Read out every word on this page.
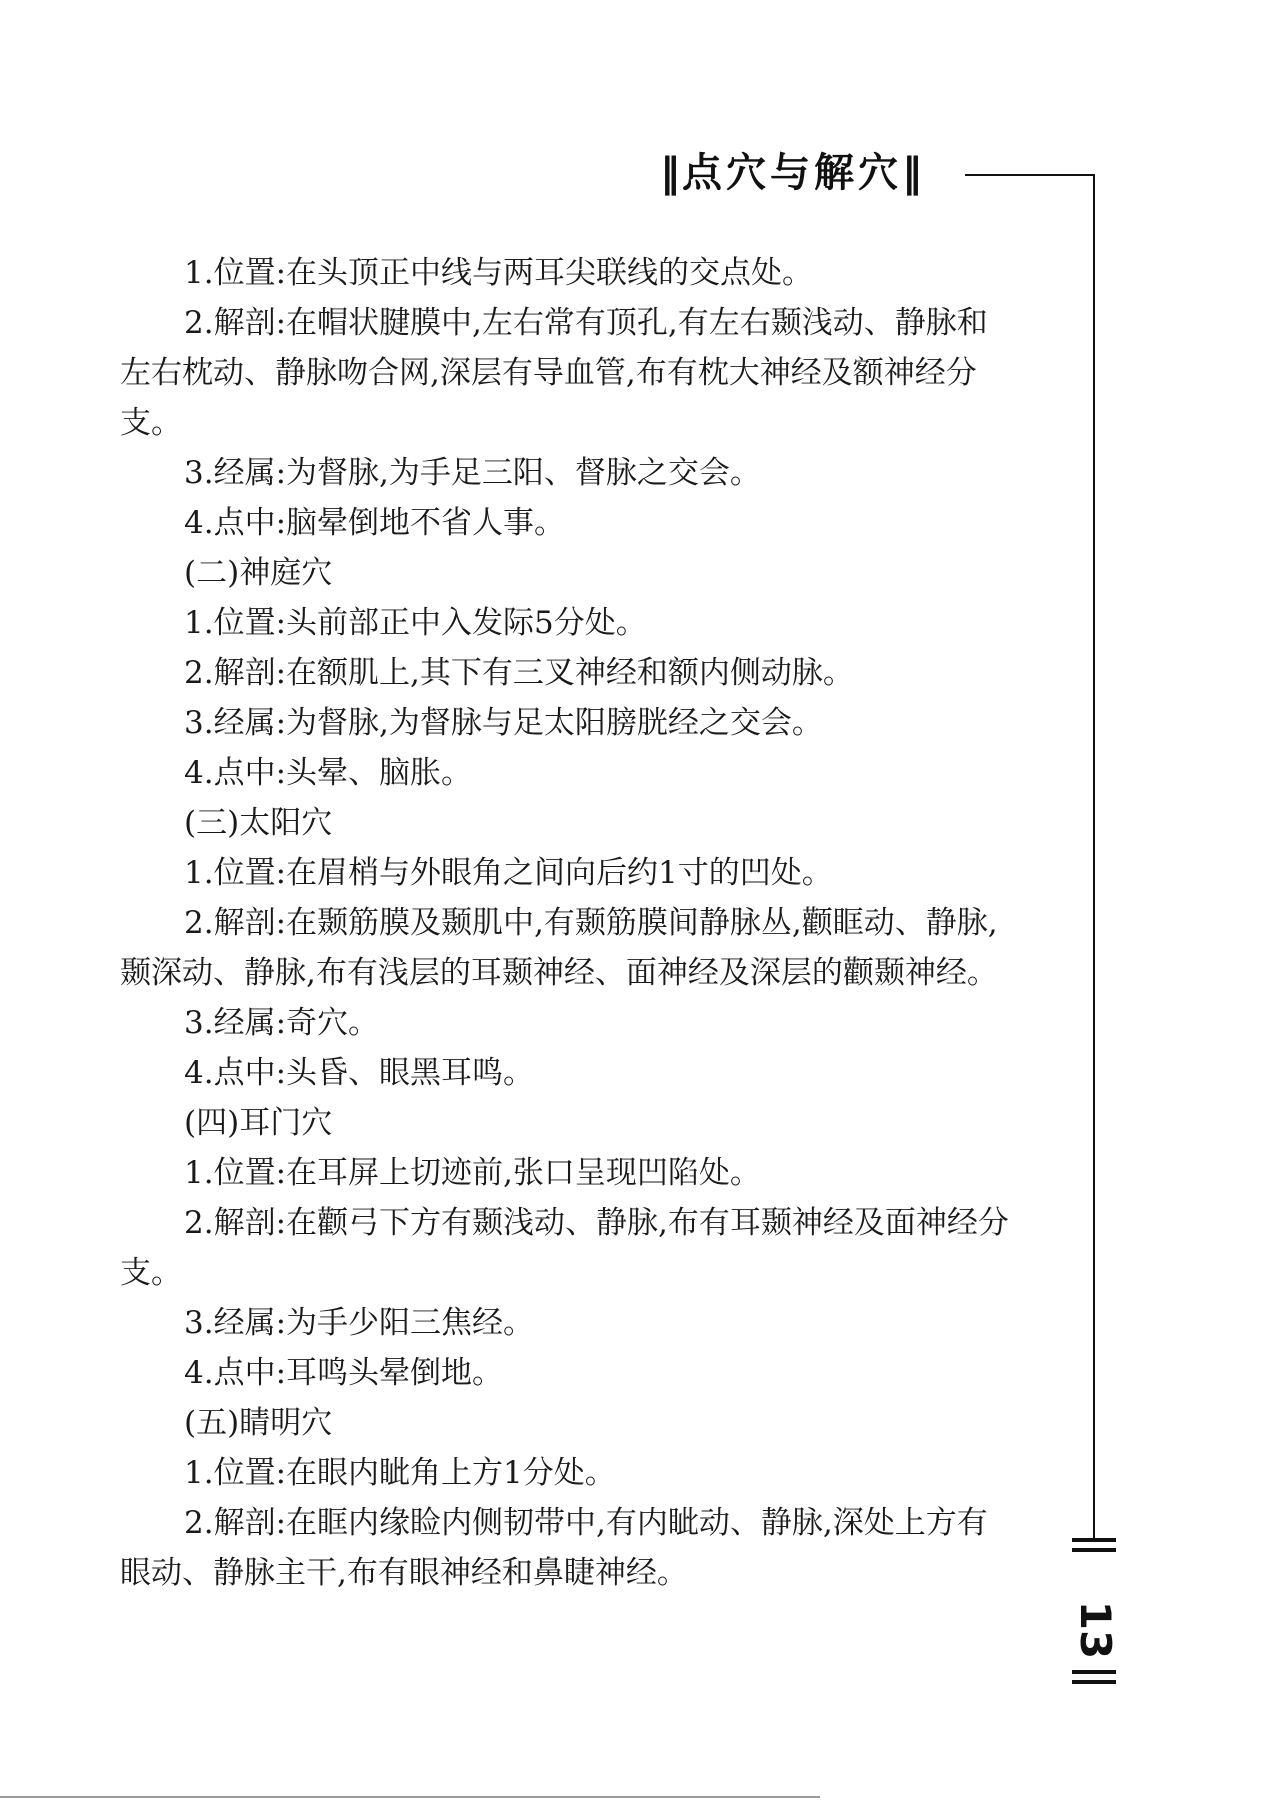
‖点穴与解穴‖
13
1.位置:在头顶正中线与两耳尖联线的交点处。
2.解剖:在帽状腱膜中,左右常有顶孔,有左右颞浅动、静脉和
左右枕动、静脉吻合网,深层有导血管,布有枕大神经及额神经分
支。
3.经属:为督脉,为手足三阳、督脉之交会。
4.点中:脑晕倒地不省人事。
(二)神庭穴
1.位置:头前部正中入发际5分处。
2.解剖:在额肌上,其下有三叉神经和额内侧动脉。
3.经属:为督脉,为督脉与足太阳膀胱经之交会。
4.点中:头晕、脑胀。
(三)太阳穴
1.位置:在眉梢与外眼角之间向后约1寸的凹处。
2.解剖:在颞筋膜及颞肌中,有颞筋膜间静脉丛,颧眶动、静脉,
颞深动、静脉,布有浅层的耳颞神经、面神经及深层的颧颞神经。
3.经属:奇穴。
4.点中:头昏、眼黑耳鸣。
(四)耳门穴
1.位置:在耳屏上切迹前,张口呈现凹陷处。
2.解剖:在颧弓下方有颞浅动、静脉,布有耳颞神经及面神经分
支。
3.经属:为手少阳三焦经。
4.点中:耳鸣头晕倒地。
(五)睛明穴
1.位置:在眼内眦角上方1分处。
2.解剖:在眶内缘睑内侧韧带中,有内眦动、静脉,深处上方有
眼动、静脉主干,布有眼神经和鼻睫神经。
